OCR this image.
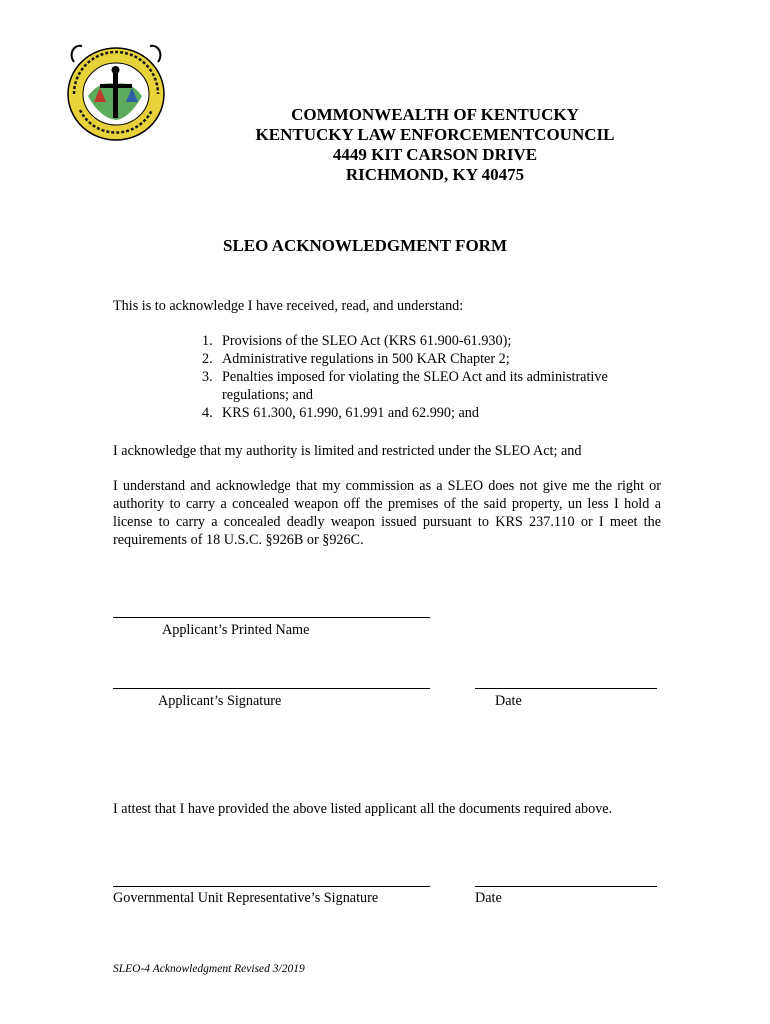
COMMONWEALTH OF KENTUCKY
KENTUCKY LAW ENFORCEMENTCOUNCIL
4449 KIT CARSON DRIVE
RICHMOND, KY 40475
SLEO ACKNOWLEDGMENT FORM
This is to acknowledge I have received, read, and understand:
1. Provisions of the SLEO Act (KRS 61.900-61.930);
2. Administrative regulations in 500 KAR Chapter 2;
3. Penalties imposed for violating the SLEO Act and its administrative regulations; and
4. KRS 61.300, 61.990, 61.991 and 62.990; and
I acknowledge that my authority is limited and restricted under the SLEO Act; and
I understand and acknowledge that my commission as a SLEO does not give me the right or authority to carry a concealed weapon off the premises of the said property, un less I hold a license to carry a concealed deadly weapon issued pursuant to KRS 237.110 or I meet the requirements of 18 U.S.C. §926B or §926C.
Applicant’s Printed Name
Applicant’s Signature	Date
I attest that I have provided the above listed applicant all the documents required above.
Governmental Unit Representative’s Signature	Date
SLEO-4 Acknowledgment Revised 3/2019
